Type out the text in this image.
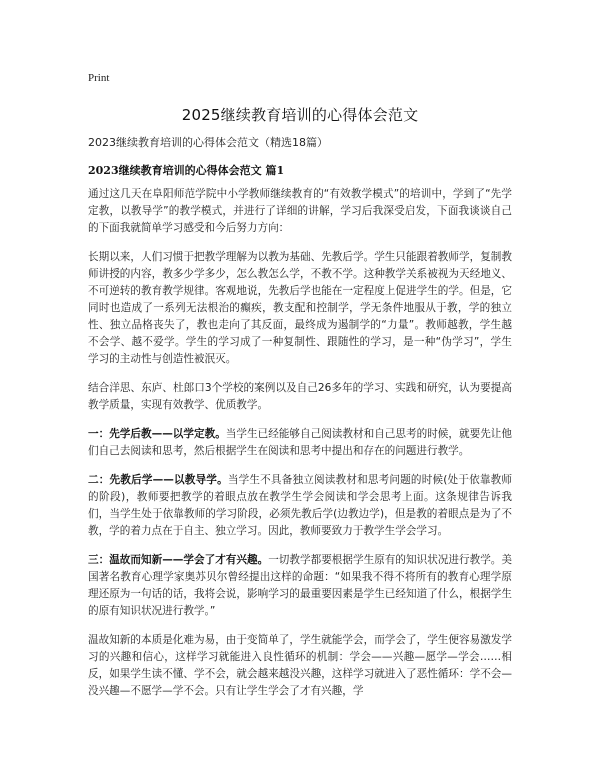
Print
2025继续教育培训的心得体会范文
2023继续教育培训的心得体会范文（精选18篇）
2023继续教育培训的心得体会范文 篇1

通过这几天在阜阳师范学院中小学教师继续教育的“有效教学模式”的培训中，学到了“先学定教，以教导学”的教学模式，并进行了详细的讲解，学习后我深受启发，下面我谈谈自己的下面我就简单学习感受和今后努力方向：

长期以来，人们习惯于把教学理解为以教为基础、先教后学。学生只能跟着教师学，复制教师讲授的内容，教多少学多少，怎么教怎么学，不教不学。这种教学关系被视为天经地义、不可逆转的教育教学规律。客观地说，先教后学也能在一定程度上促进学生的学。但是，它同时也造成了一系列无法根治的癫疾，教支配和控制学，学无条件地服从于教，学的独立性、独立品格丧失了，教也走向了其反面，最终成为遏制学的“力量”。教师越教，学生越不会学、越不爱学。学生的学习成了一种复制性、跟随性的学习，是一种“伪学习”，学生学习的主动性与创造性被泯灭。

结合洋思、东庐、杜郎口3个学校的案例以及自己26多年的学习、实践和研究，认为要提高教学质量，实现有效教学、优质教学。

一：先学后教——以学定教。当学生已经能够自己阅读教材和自己思考的时候，就要先让他们自己去阅读和思考，然后根据学生在阅读和思考中提出和存在的问题进行教学。

二：先教后学——以教导学。当学生不具备独立阅读教材和思考问题的时候(处于依靠教师的阶段)，教师要把教学的着眼点放在教学生学会阅读和学会思考上面。这条规律告诉我们，当学生处于依靠教师的学习阶段，必须先教后学(边教边学)，但是教的着眼点是为了不教，学的着力点在于自主、独立学习。因此，教师要致力于教学生学会学习。

三：温故而知新——学会了才有兴趣。一切教学都要根据学生原有的知识状况进行教学。美国著名教育心理学家奥苏贝尔曾经提出这样的命题：“如果我不得不将所有的教育心理学原理还原为一句话的话，我将会说，影响学习的最重要因素是学生已经知道了什么，根据学生的原有知识状况进行教学。”

温故知新的本质是化难为易，由于变简单了，学生就能学会，而学会了，学生便容易激发学习的兴趣和信心，这样学习就能进入良性循环的机制：学会——兴趣—愿学—学会……相反，如果学生读不懂、学不会，就会越来越没兴趣，这样学习就进入了恶性循环：学不会—没兴趣—不愿学—学不会。只有让学生学会了才有兴趣，学
